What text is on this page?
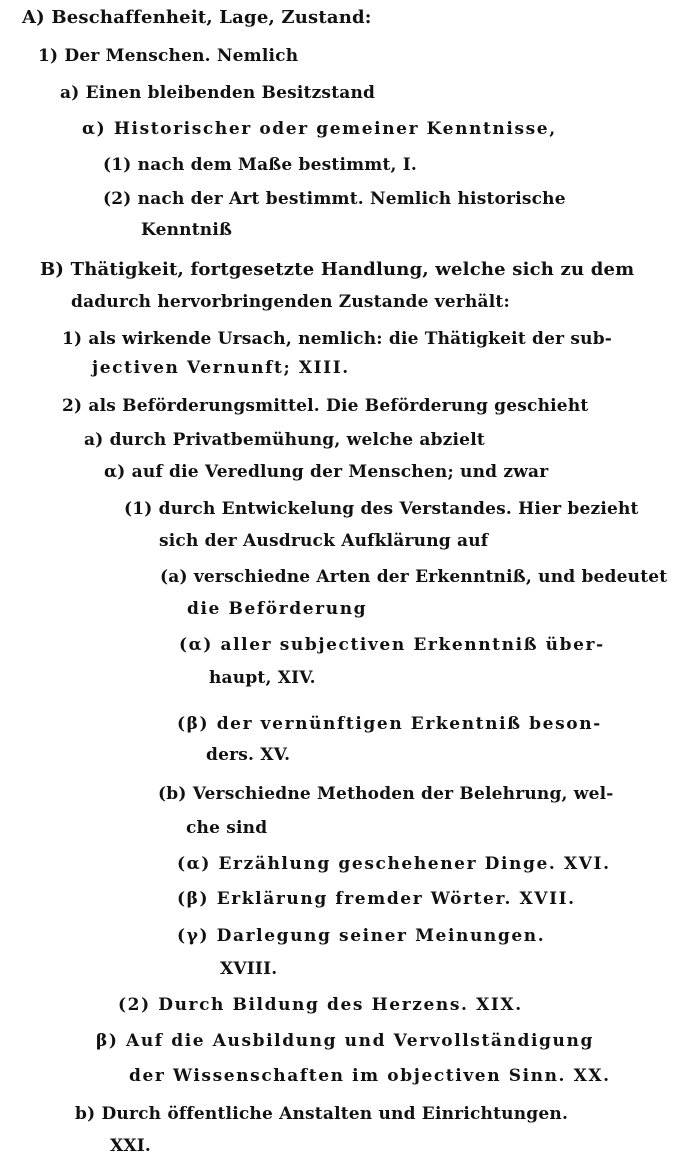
A) Beschaffenheit, Lage, Zustand:
1) Der Menschen. Nemlich
a) Einen bleibenden Besitzstand
α) Historischer oder gemeiner Kenntnisse,
(1) nach dem Maße bestimmt, I.
(2) nach der Art bestimmt. Nemlich historische
Kenntniß
B) Thätigkeit, fortgesetzte Handlung, welche sich zu dem
dadurch hervorbringenden Zustande verhält:
1) als wirkende Ursach, nemlich: die Thätigkeit der sub-
jectiven Vernunft; XIII.
2) als Beförderungsmittel. Die Beförderung geschieht
a) durch Privatbemühung, welche abzielt
α) auf die Veredlung der Menschen; und zwar
(1) durch Entwickelung des Verstandes. Hier bezieht
sich der Ausdruck Aufklärung auf
(a) verschiedne Arten der Erkenntniß, und bedeutet
die Beförderung
(α) aller subjectiven Erkenntniß über-
haupt, XIV.
(β) der vernünftigen Erkentniß beson-
ders. XV.
(b) Verschiedne Methoden der Belehrung, wel-
che sind
(α) Erzählung geschehener Dinge. XVI.
(β) Erklärung fremder Wörter. XVII.
(γ) Darlegung seiner Meinungen.
XVIII.
(2) Durch Bildung des Herzens. XIX.
β) Auf die Ausbildung und Vervollständigung
der Wissenschaften im objectiven Sinn. XX.
b) Durch öffentliche Anstalten und Einrichtungen.
XXI.
